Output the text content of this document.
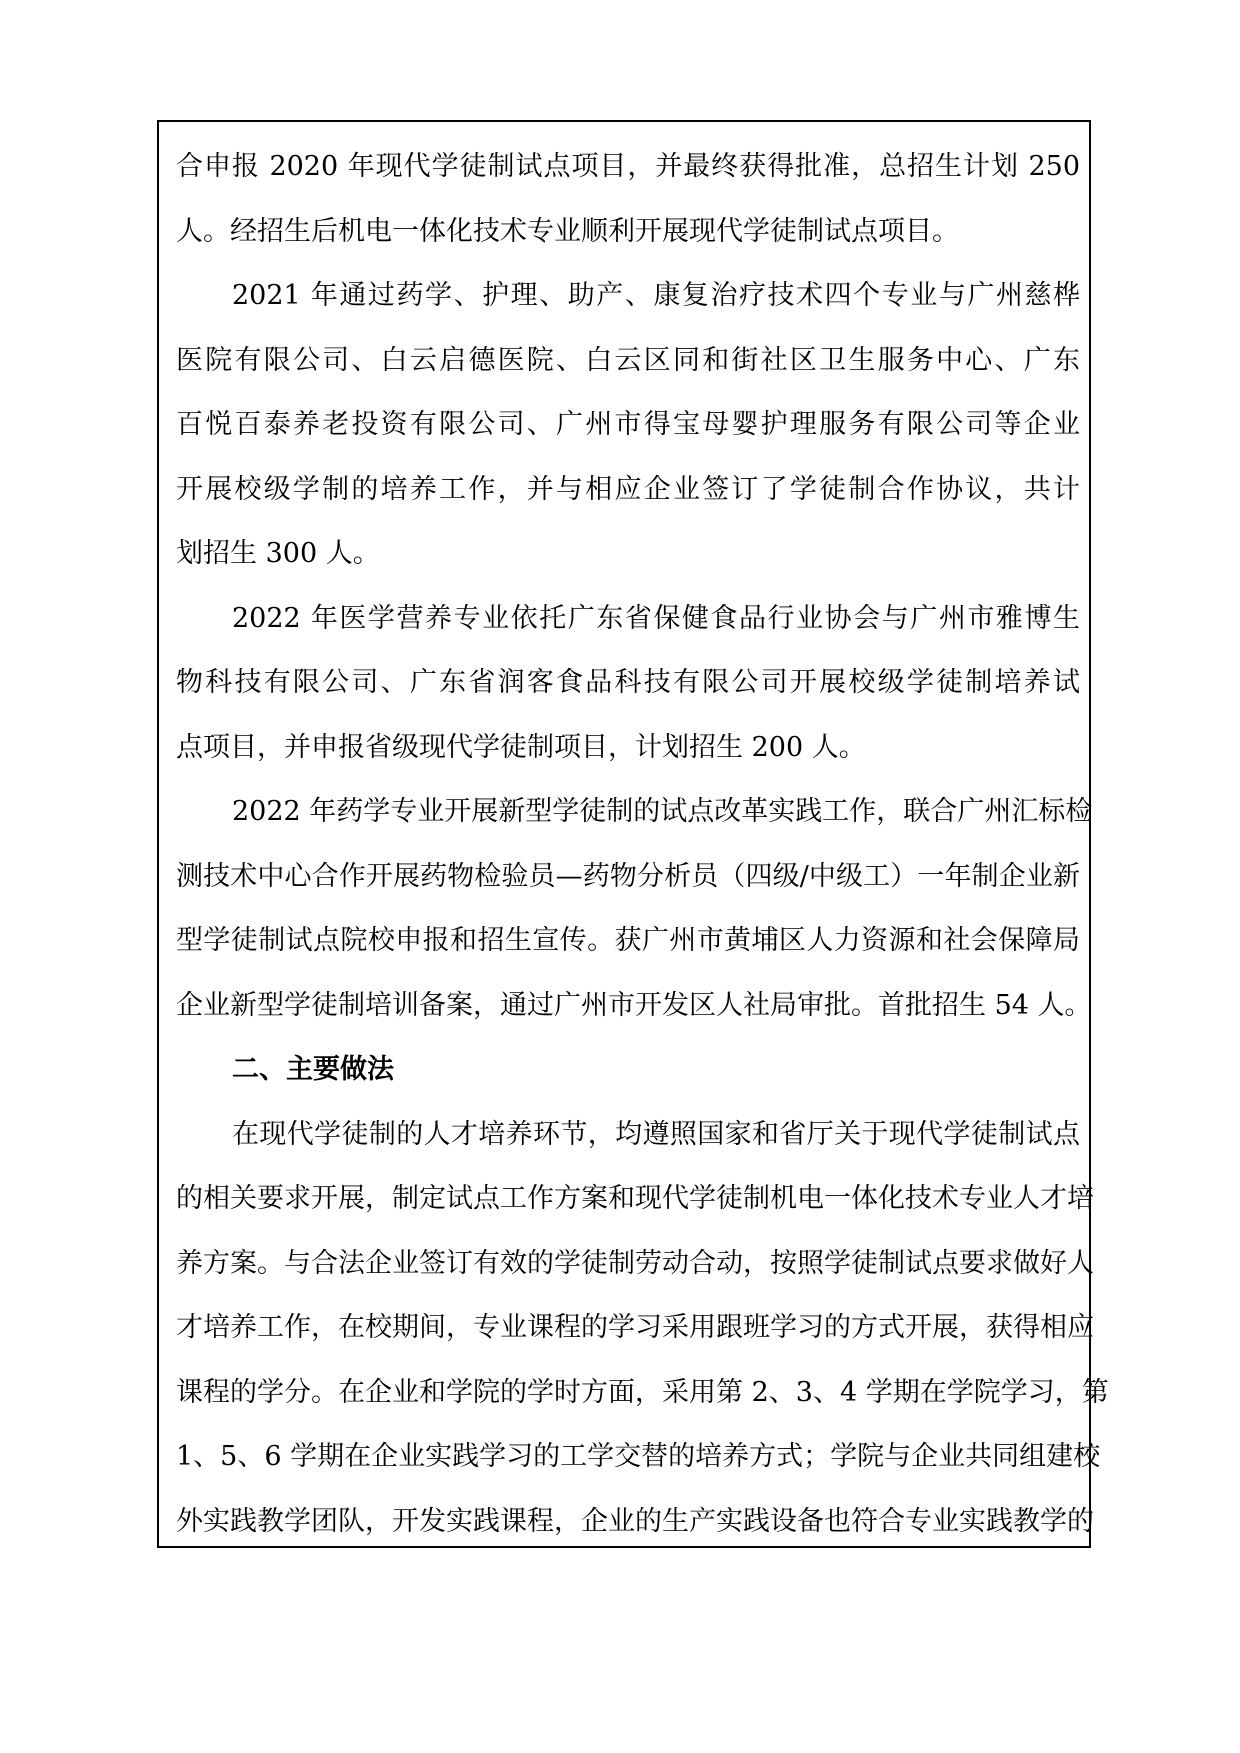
合申报 2020 年现代学徒制试点项目，并最终获得批准，总招生计划 250
人。经招生后机电一体化技术专业顺利开展现代学徒制试点项目。
2021 年通过药学、护理、助产、康复治疗技术四个专业与广州慈桦
医院有限公司、白云启德医院、白云区同和街社区卫生服务中心、广东
百悦百泰养老投资有限公司、广州市得宝母婴护理服务有限公司等企业
开展校级学制的培养工作，并与相应企业签订了学徒制合作协议，共计
划招生 300 人。
2022 年医学营养专业依托广东省保健食品行业协会与广州市雅博生
物科技有限公司、广东省润客食品科技有限公司开展校级学徒制培养试
点项目，并申报省级现代学徒制项目，计划招生 200 人。
2022 年药学专业开展新型学徒制的试点改革实践工作，联合广州汇标检
测技术中心合作开展药物检验员—药物分析员（四级/中级工）一年制企业新
型学徒制试点院校申报和招生宣传。获广州市黄埔区人力资源和社会保障局
企业新型学徒制培训备案，通过广州市开发区人社局审批。首批招生 54 人。
二、主要做法
在现代学徒制的人才培养环节，均遵照国家和省厅关于现代学徒制试点
的相关要求开展，制定试点工作方案和现代学徒制机电一体化技术专业人才培
养方案。与合法企业签订有效的学徒制劳动合动，按照学徒制试点要求做好人
才培养工作，在校期间，专业课程的学习采用跟班学习的方式开展，获得相应
课程的学分。在企业和学院的学时方面，采用第 2、3、4 学期在学院学习，第
1、5、6 学期在企业实践学习的工学交替的培养方式；学院与企业共同组建校
外实践教学团队，开发实践课程，企业的生产实践设备也符合专业实践教学的
